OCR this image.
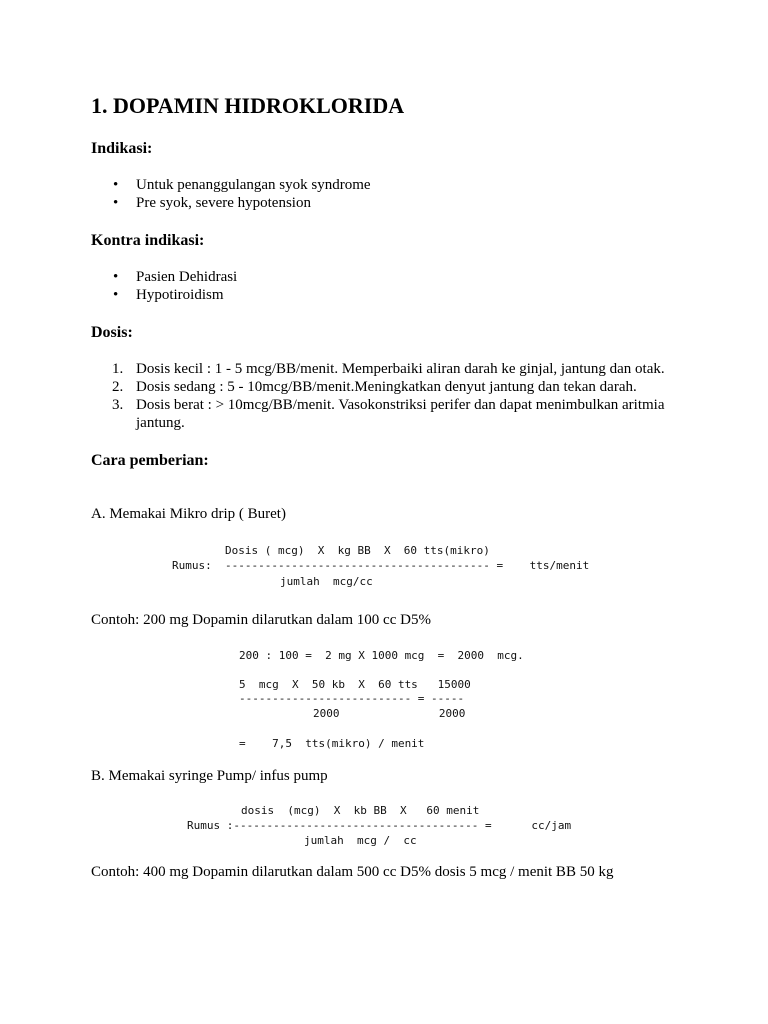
1. DOPAMIN HIDROKLORIDA
Indikasi:
• Untuk penanggulangan syok syndrome
• Pre syok, severe hypotension
Kontra indikasi:
• Pasien Dehidrasi
• Hypotiroidism
Dosis:
1. Dosis kecil : 1 - 5 mcg/BB/menit. Memperbaiki aliran darah ke ginjal, jantung dan otak.
2. Dosis sedang : 5 - 10mcg/BB/menit.Meningkatkan denyut jantung dan tekan darah.
3. Dosis berat : > 10mcg/BB/menit. Vasokonstriksi perifer dan dapat menimbulkan aritmia jantung.
Cara pemberian:
A. Memakai Mikro drip ( Buret)
Dosis ( mcg)  X  kg BB  X  60 tts(mikro)
Rumus:  ---------------------------------------- =    tts/menit
jumlah  mcg/cc
Contoh: 200 mg Dopamin dilarutkan dalam 100 cc D5%
200 : 100 =  2 mg X 1000 mcg  =  2000  mcg.
5  mcg  X  50 kb  X  60 tts   15000
-------------------------- = -----
2000               2000
=    7,5  tts(mikro) / menit
B. Memakai syringe Pump/ infus pump
dosis  (mcg)  X  kb BB  X   60 menit
Rumus :------------------------------------- =      cc/jam
jumlah  mcg /  cc
Contoh: 400 mg Dopamin dilarutkan dalam 500 cc D5% dosis 5 mcg / menit BB 50 kg
